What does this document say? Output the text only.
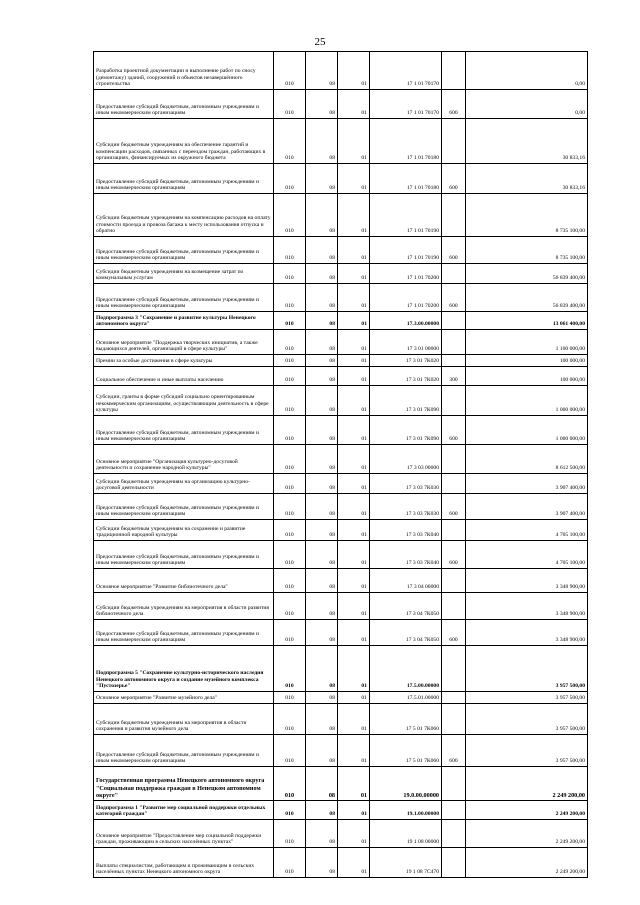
25
Разработка проектной документации и выполнение работ по сносу (демонтажу) зданий, сооружений и объектов незавершённого строительства	010	08	01	17 1 01 70170		0,00
Предоставление субсидий бюджетным, автономным учреждениям и иным некоммерческим организациям	010	08	01	17 1 01 70170	600	0,00
Субсидии бюджетным учреждениям на обеспечение гарантий и компенсации расходов, связанных с переездом граждан, работающих в организациях, финансируемых из окружного бюджета	010	08	01	17 1 01 70180		30 833,16
Предоставление субсидий бюджетным, автономным учреждениям и иным некоммерческим организациям	010	08	01	17 1 01 70180	600	30 833,16
Субсидии бюджетным учреждениям на компенсацию расходов на оплату стоимости проезда и провоза багажа к месту использования отпуска и обратно	010	08	01	17 1 01 70190		8 735 100,00
Предоставление субсидий бюджетным, автономным учреждениям и иным некоммерческим организациям	010	08	01	17 1 01 70190	600	8 735 100,00
Субсидии бюджетным учреждениям на возмещение затрат по коммунальным услугам	010	08	01	17 1 01 70200		56 839 400,00
Предоставление субсидий бюджетным, автономным учреждениям и иным некоммерческим организациям	010	08	01	17 1 01 70200	600	56 839 400,00
Подпрограмма 3 "Сохранение и развитие культуры Ненецкого автономного округа"	010	08	01	17.3.00.00000		13 061 400,00
Основное мероприятие "Поддержка творческих инициатив, а также выдающихся деятелей, организаций в сфере культуры"	010	08	01	17 3 01 00000		1 100 000,00
Премии за особые достижения в сфере культуры	010	08	01	17 3 01 7К020		100 000,00
Социальное обеспечение и иные выплаты населению	010	08	01	17 3 01 7К020	300	100 000,00
Субсидии, гранты в форме субсидий социально ориентированным некоммерческим организациям, осуществляющим деятельность в сфере культуры	010	08	01	17 3 01 7К090		1 000 000,00
Предоставление субсидий бюджетным, автономным учреждениям и иным некоммерческим организациям	010	08	01	17 3 01 7К090	600	1 000 000,00
Основное мероприятие "Организация культурно-досуговой деятельности и сохранение народной культуры"	010	08	01	17 3 03 00000		8 612 500,00
Субсидии бюджетным учреждениям на организацию культурно-досуговой деятельности	010	08	01	17 3 03 7К030		3 907 400,00
Предоставление субсидий бюджетным, автономным учреждениям и иным некоммерческим организациям	010	08	01	17 3 03 7К030	600	3 907 400,00
Субсидии бюджетным учреждениям на сохранение и развитие традиционной народной культуры	010	08	01	17 3 03 7К040		4 705 100,00
Предоставление субсидий бюджетным, автономным учреждениям и иным некоммерческим организациям	010	08	01	17 3 03 7К040	600	4 705 100,00
Основное мероприятие "Развитие библиотечного дела"	010	08	01	17 3 04 00000		3 348 900,00
Субсидии бюджетным учреждениям на мероприятия в области развития библиотечного дела	010	08	01	17 3 04 7К050		3 348 900,00
Предоставление субсидий бюджетным, автономным учреждениям и иным некоммерческим организациям	010	08	01	17 3 04 7К050	600	3 348 900,00
Подпрограмма 5 "Сохранение культурно-исторического наследия Ненецкого автономного округа и создание музейного комплекса "Пустозерье"	010	08	01	17.5.00.00000		3 957 500,00
Основное мероприятие "Развитие музейного дела"	010	08	01	17.5.01.00000		3 957 500,00
Субсидии бюджетным учреждениям на мероприятия в области сохранения и развития музейного дела	010	08	01	17 5 01 7К060		3 957 500,00
Предоставление субсидий бюджетным, автономным учреждениям и иным некоммерческим организациям	010	08	01	17 5 01 7К060	600	3 957 500,00
Государственная программа Ненецкого автономного округа "Социальная поддержка граждан в Ненецком автономном округе"	010	08	01	19.0.00.00000		2 249 200,00
Подпрограмма 1 "Развитие мер социальной поддержки отдельных категорий граждан"	010	08	01	19.1.00.00000		2 249 200,00
Основное мероприятие "Предоставление мер социальной поддержки граждан, проживающим в сельских населённых пунктах"	010	08	01	19 1 08 00000		2 249 200,00
Выплаты специалистам, работающим и проживающим в сельских населённых пунктах Ненецкого автономного округа	010	08	01	19 1 08 7С470		2 249 200,00
